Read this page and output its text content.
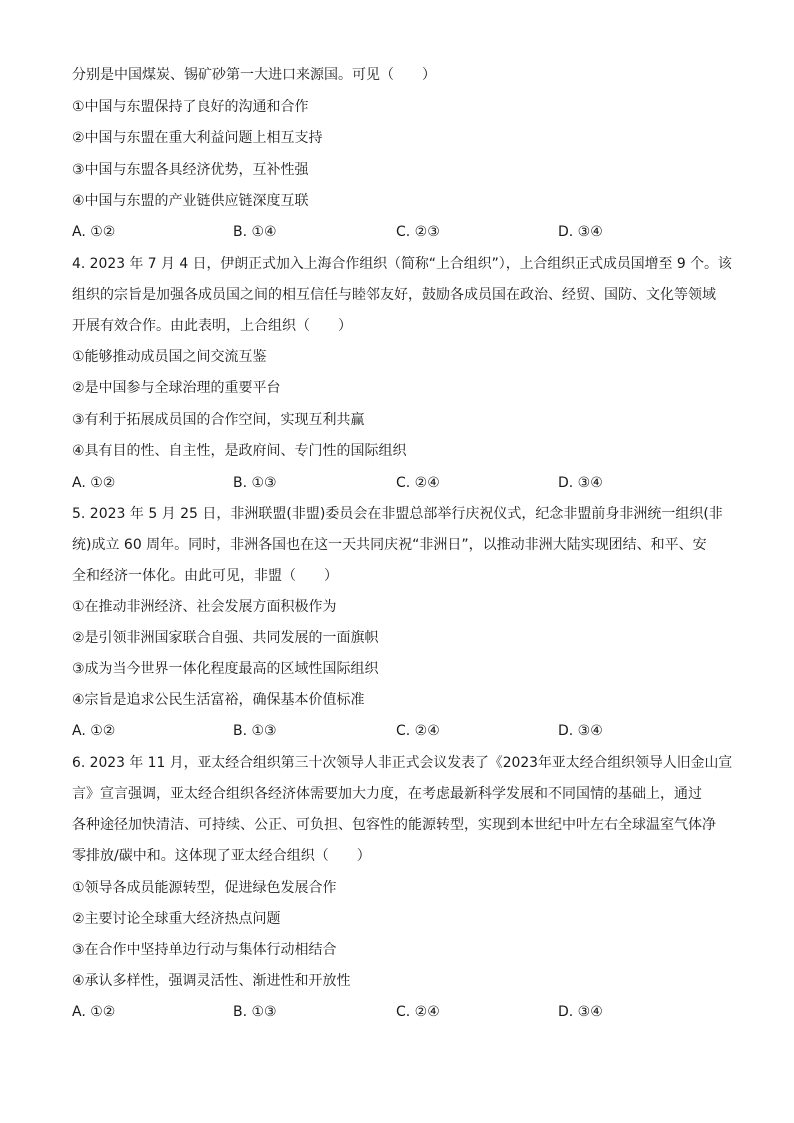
分别是中国煤炭、锡矿砂第一大进口来源国。可见（　　）
①中国与东盟保持了良好的沟通和合作
②中国与东盟在重大利益问题上相互支持
③中国与东盟各具经济优势，互补性强
④中国与东盟的产业链供应链深度互联
A. ①②	B. ①④	C. ②③	D. ③④
4. 2023 年 7 月 4 日，伊朗正式加入上海合作组织（简称“上合组织”），上合组织正式成员国增至 9 个。该
组织的宗旨是加强各成员国之间的相互信任与睦邻友好，鼓励各成员国在政治、经贸、国防、文化等领域
开展有效合作。由此表明，上合组织（　　）
①能够推动成员国之间交流互鉴
②是中国参与全球治理的重要平台
③有利于拓展成员国的合作空间，实现互利共赢
④具有目的性、自主性，是政府间、专门性的国际组织
A. ①②	B. ①③	C. ②④	D. ③④
5. 2023 年 5 月 25 日，非洲联盟(非盟)委员会在非盟总部举行庆祝仪式，纪念非盟前身非洲统一组织(非
统)成立 60 周年。同时，非洲各国也在这一天共同庆祝“非洲日”，以推动非洲大陆实现团结、和平、安
全和经济一体化。由此可见，非盟（　　）
①在推动非洲经济、社会发展方面积极作为
②是引领非洲国家联合自强、共同发展的一面旗帜
③成为当今世界一体化程度最高的区域性国际组织
④宗旨是追求公民生活富裕，确保基本价值标准
A. ①②	B. ①③	C. ②④	D. ③④
6. 2023 年 11 月，亚太经合组织第三十次领导人非正式会议发表了《2023年亚太经合组织领导人旧金山宣
言》宣言强调，亚太经合组织各经济体需要加大力度，在考虑最新科学发展和不同国情的基础上，通过
各种途径加快清洁、可持续、公正、可负担、包容性的能源转型，实现到本世纪中叶左右全球温室气体净
零排放/碳中和。这体现了亚太经合组织（　　）
①领导各成员能源转型，促进绿色发展合作
②主要讨论全球重大经济热点问题
③在合作中坚持单边行动与集体行动相结合
④承认多样性，强调灵活性、渐进性和开放性
A. ①②	B. ①③	C. ②④	D. ③④
